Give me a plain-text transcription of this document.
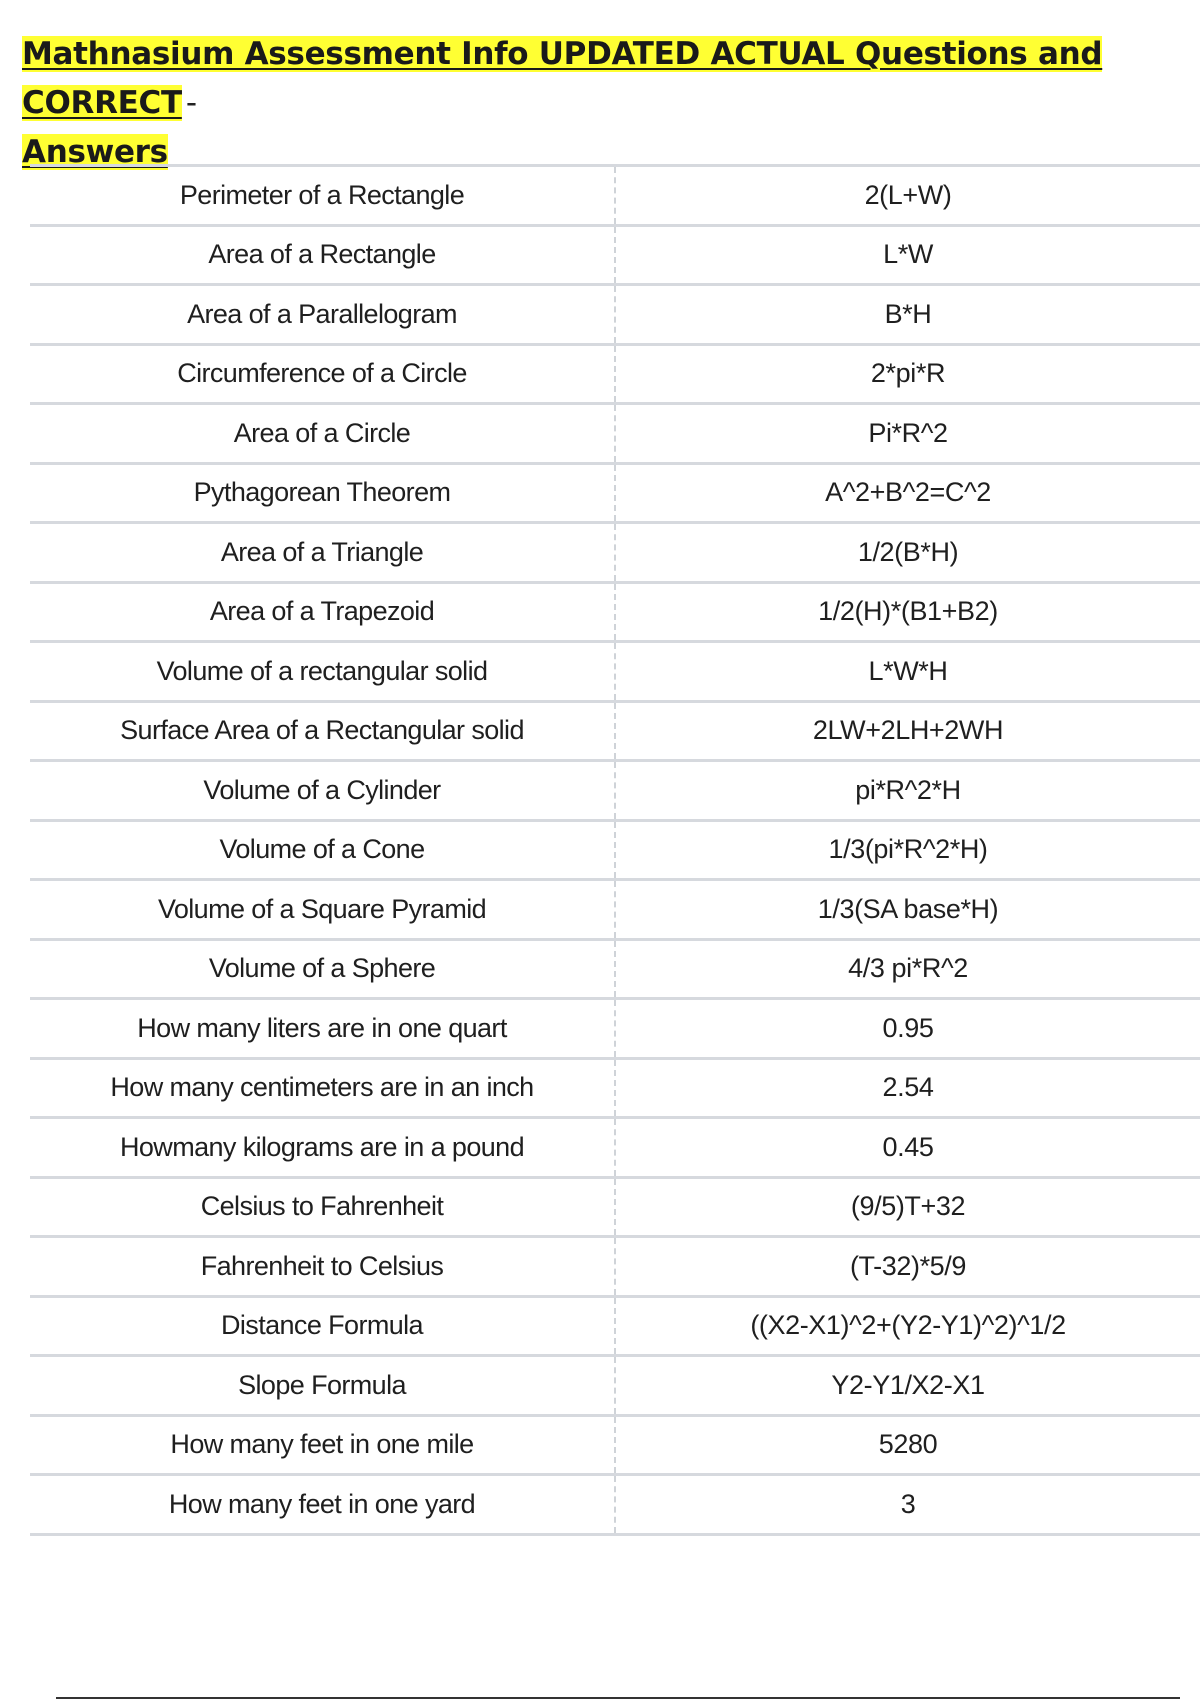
Mathnasium Assessment Info UPDATED ACTUAL Questions and CORRECT -
Answers
Perimeter of a Rectangle	2(L+W)
Area of a Rectangle	L*W
Area of a Parallelogram	B*H
Circumference of a Circle	2*pi*R
Area of a Circle	Pi*R^2
Pythagorean Theorem	A^2+B^2=C^2
Area of a Triangle	1/2(B*H)
Area of a Trapezoid	1/2(H)*(B1+B2)
Volume of a rectangular solid	L*W*H
Surface Area of a Rectangular solid	2LW+2LH+2WH
Volume of a Cylinder	pi*R^2*H
Volume of a Cone	1/3(pi*R^2*H)
Volume of a Square Pyramid	1/3(SA base*H)
Volume of a Sphere	4/3 pi*R^2
How many liters are in one quart	0.95
How many centimeters are in an inch	2.54
Howmany kilograms are in a pound	0.45
Celsius to Fahrenheit	(9/5)T+32
Fahrenheit to Celsius	(T-32)*5/9
Distance Formula	((X2-X1)^2+(Y2-Y1)^2)^1/2
Slope Formula	Y2-Y1/X2-X1
How many feet in one mile	5280
How many feet in one yard	3
